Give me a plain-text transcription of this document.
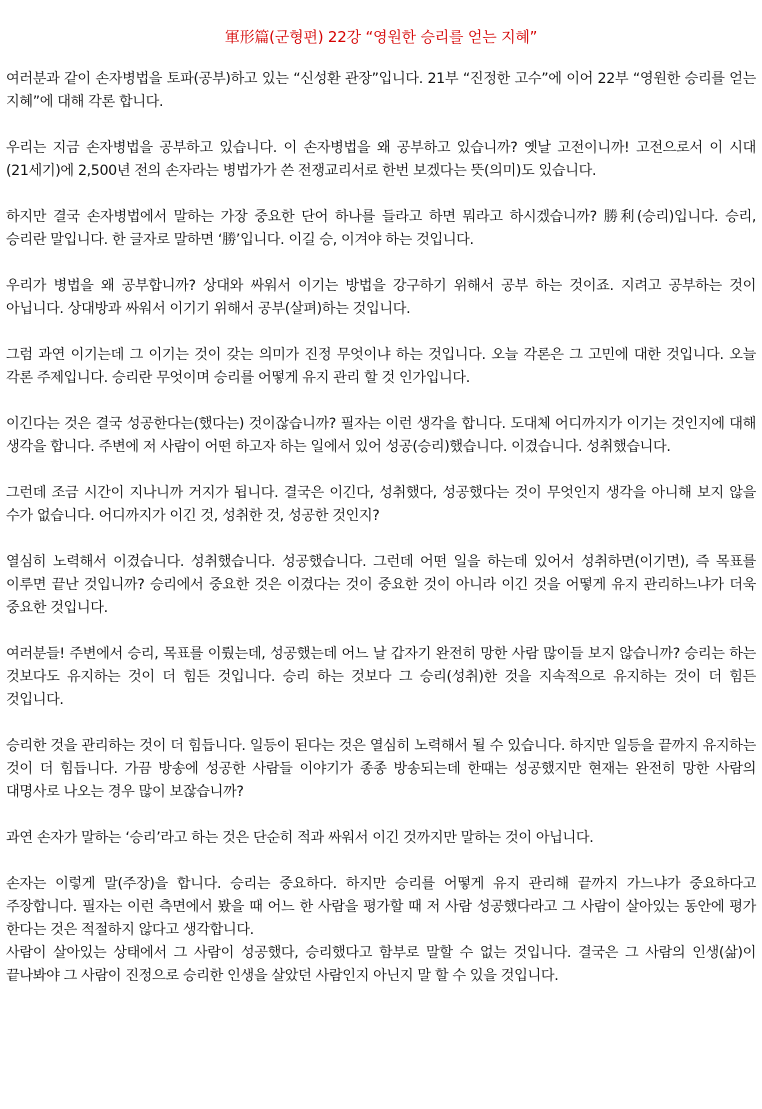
軍形篇(군형편) 22강 “영원한 승리를 얻는 지혜”

여러분과 같이 손자병법을 토파(공부)하고 있는 “신성환 관장”입니다. 21부 “진정한 고수”에 이어 22부 “영원한 승리를 얻는 지혜”에 대해 각론 합니다.

우리는 지금 손자병법을 공부하고 있습니다. 이 손자병법을 왜 공부하고 있습니까? 옛날 고전이니까! 고전으로서 이 시대(21세기)에 2,500년 전의 손자라는 병법가가 쓴 전쟁교리서로 한번 보겠다는 뜻(의미)도 있습니다.

하지만 결국 손자병법에서 말하는 가장 중요한 단어 하나를 들라고 하면 뭐라고 하시겠습니까? 勝利(승리)입니다. 승리, 승리란 말입니다. 한 글자로 말하면 ‘勝’입니다. 이길 승, 이겨야 하는 것입니다.

우리가 병법을 왜 공부합니까? 상대와 싸워서 이기는 방법을 강구하기 위해서 공부 하는 것이죠. 지려고 공부하는 것이 아닙니다. 상대방과 싸워서 이기기 위해서 공부(살펴)하는 것입니다.

그럼 과연 이기는데 그 이기는 것이 갖는 의미가 진정 무엇이냐 하는 것입니다. 오늘 각론은 그 고민에 대한 것입니다. 오늘 각론 주제입니다. 승리란 무엇이며 승리를 어떻게 유지 관리 할 것 인가입니다.

이긴다는 것은 결국 성공한다는(했다는) 것이잖습니까? 필자는 이런 생각을 합니다. 도대체 어디까지가 이기는 것인지에 대해 생각을 합니다. 주변에 저 사람이 어떤 하고자 하는 일에서 있어 성공(승리)했습니다. 이겼습니다. 성취했습니다.

그런데 조금 시간이 지나니까 거지가 됩니다. 결국은 이긴다, 성취했다, 성공했다는 것이 무엇인지 생각을 아니해 보지 않을 수가 없습니다. 어디까지가 이긴 것, 성취한 것, 성공한 것인지?

열심히 노력해서 이겼습니다. 성취했습니다. 성공했습니다. 그런데 어떤 일을 하는데 있어서 성취하면(이기면), 즉 목표를 이루면 끝난 것입니까? 승리에서 중요한 것은 이겼다는 것이 중요한 것이 아니라 이긴 것을 어떻게 유지 관리하느냐가 더욱 중요한 것입니다.

여러분들! 주변에서 승리, 목표를 이뤘는데, 성공했는데 어느 날 갑자기 완전히 망한 사람 많이들 보지 않습니까? 승리는 하는 것보다도 유지하는 것이 더 힘든 것입니다. 승리 하는 것보다 그 승리(성취)한 것을 지속적으로 유지하는 것이 더 힘든 것입니다.

승리한 것을 관리하는 것이 더 힘듭니다. 일등이 된다는 것은 열심히 노력해서 될 수 있습니다. 하지만 일등을 끝까지 유지하는 것이 더 힘듭니다. 가끔 방송에 성공한 사람들 이야기가 종종 방송되는데 한때는 성공했지만 현재는 완전히 망한 사람의 대명사로 나오는 경우 많이 보잖습니까?

과연 손자가 말하는 ‘승리’라고 하는 것은 단순히 적과 싸워서 이긴 것까지만 말하는 것이 아닙니다.

손자는 이렇게 말(주장)을 합니다. 승리는 중요하다. 하지만 승리를 어떻게 유지 관리해 끝까지 가느냐가 중요하다고 주장합니다. 필자는 이런 측면에서 봤을 때 어느 한 사람을 평가할 때 저 사람 성공했다라고 그 사람이 살아있는 동안에 평가 한다는 것은 적절하지 않다고 생각합니다.

사람이 살아있는 상태에서 그 사람이 성공했다, 승리했다고 함부로 말할 수 없는 것입니다. 결국은 그 사람의 인생(삶)이 끝나봐야 그 사람이 진정으로 승리한 인생을 살았던 사람인지 아닌지 말 할 수 있을 것입니다.
